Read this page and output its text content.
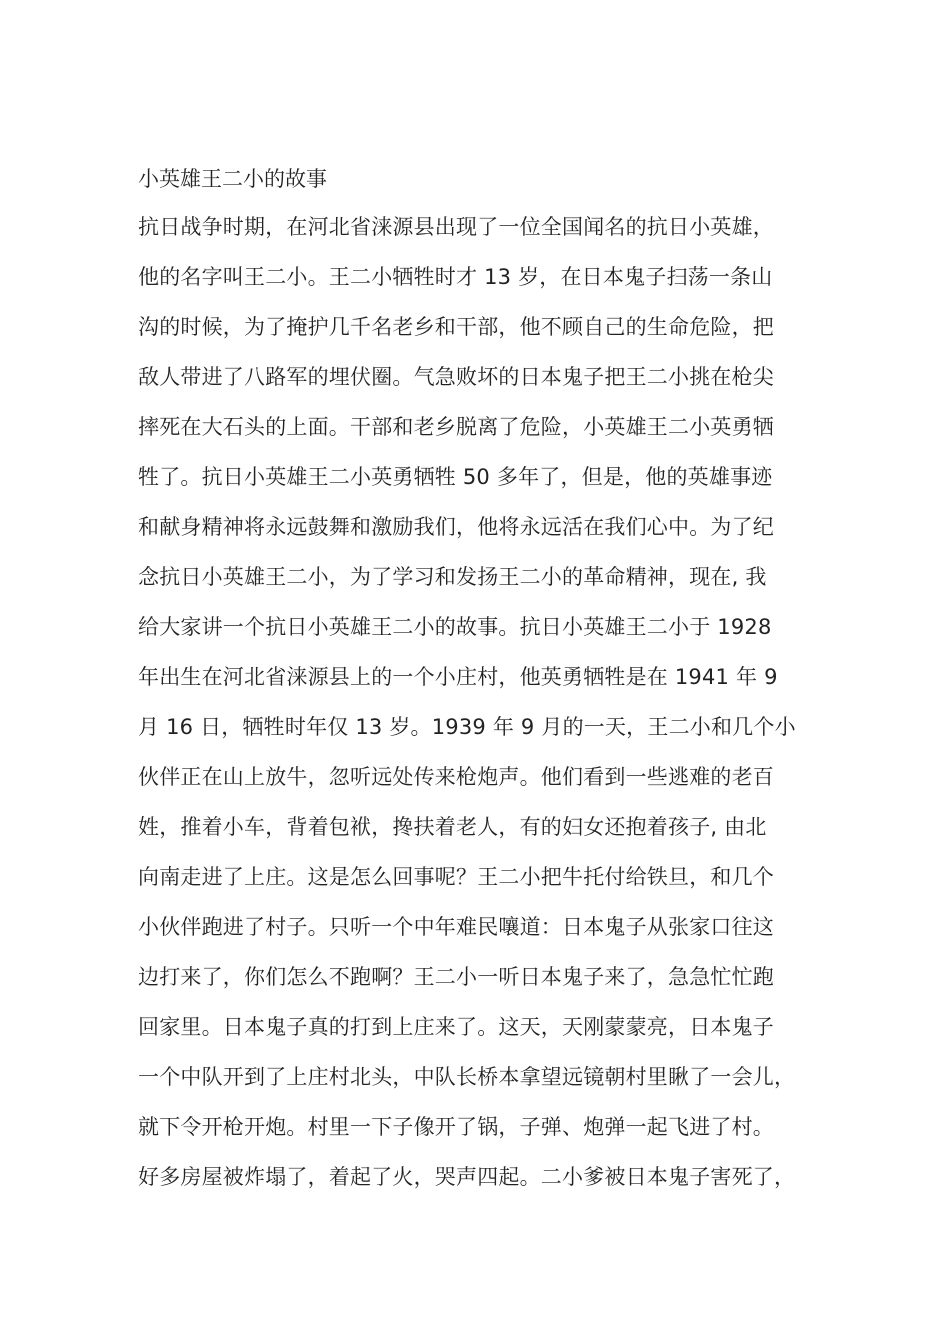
小英雄王二小的故事
抗日战争时期，在河北省涞源县出现了一位全国闻名的抗日小英雄，
他的名字叫王二小。王二小牺牲时才 13 岁，在日本鬼子扫荡一条山
沟的时候，为了掩护几千名老乡和干部，他不顾自己的生命危险，把
敌人带进了八路军的埋伏圈。气急败坏的日本鬼子把王二小挑在枪尖
摔死在大石头的上面。干部和老乡脱离了危险，小英雄王二小英勇牺
牲了。抗日小英雄王二小英勇牺牲 50 多年了，但是，他的英雄事迹
和献身精神将永远鼓舞和激励我们，他将永远活在我们心中。为了纪
念抗日小英雄王二小，为了学习和发扬王二小的革命精神，现在, 我
给大家讲一个抗日小英雄王二小的故事。抗日小英雄王二小于 1928
年出生在河北省涞源县上的一个小庄村，他英勇牺牲是在 1941 年 9
月 16 日，牺牲时年仅 13 岁。1939 年 9 月的一天，王二小和几个小
伙伴正在山上放牛，忽听远处传来枪炮声。他们看到一些逃难的老百
姓，推着小车，背着包袱，搀扶着老人，有的妇女还抱着孩子, 由北
向南走进了上庄。这是怎么回事呢？王二小把牛托付给铁旦，和几个
小伙伴跑进了村子。只听一个中年难民嚷道：日本鬼子从张家口往这
边打来了，你们怎么不跑啊？王二小一听日本鬼子来了，急急忙忙跑
回家里。日本鬼子真的打到上庄来了。这天，天刚蒙蒙亮，日本鬼子
一个中队开到了上庄村北头，中队长桥本拿望远镜朝村里瞅了一会儿，
就下令开枪开炮。村里一下子像开了锅，子弹、炮弹一起飞进了村。
好多房屋被炸塌了，着起了火，哭声四起。二小爹被日本鬼子害死了，
